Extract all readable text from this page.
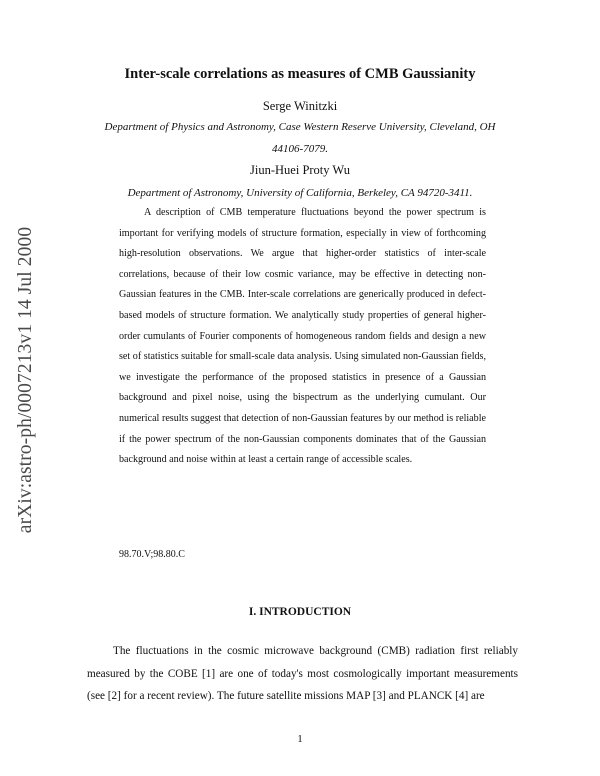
arXiv:astro-ph/0007213v1 14 Jul 2000
Inter-scale correlations as measures of CMB Gaussianity
Serge Winitzki
Department of Physics and Astronomy, Case Western Reserve University, Cleveland, OH
44106-7079.
Jiun-Huei Proty Wu
Department of Astronomy, University of California, Berkeley, CA 94720-3411.

A description of CMB temperature fluctuations beyond the power spectrum is important for verifying models of structure formation, especially in view of forthcoming high-resolution observations. We argue that higher-order statistics of inter-scale correlations, because of their low cosmic variance, may be effective in detecting non-Gaussian features in the CMB. Inter-scale correlations are generically produced in defect-based models of structure formation. We analytically study properties of general higher-order cumulants of Fourier components of homogeneous random fields and design a new set of statistics suitable for small-scale data analysis. Using simulated non-Gaussian fields, we investigate the performance of the proposed statistics in presence of a Gaussian background and pixel noise, using the bispectrum as the underlying cumulant. Our numerical results suggest that detection of non-Gaussian features by our method is reliable if the power spectrum of the non-Gaussian components dominates that of the Gaussian background and noise within at least a certain range of accessible scales.

98.70.V;98.80.C
I. INTRODUCTION

The fluctuations in the cosmic microwave background (CMB) radiation first reliably measured by the COBE [1] are one of today's most cosmologically important measurements (see [2] for a recent review). The future satellite missions MAP [3] and PLANCK [4] are

1
